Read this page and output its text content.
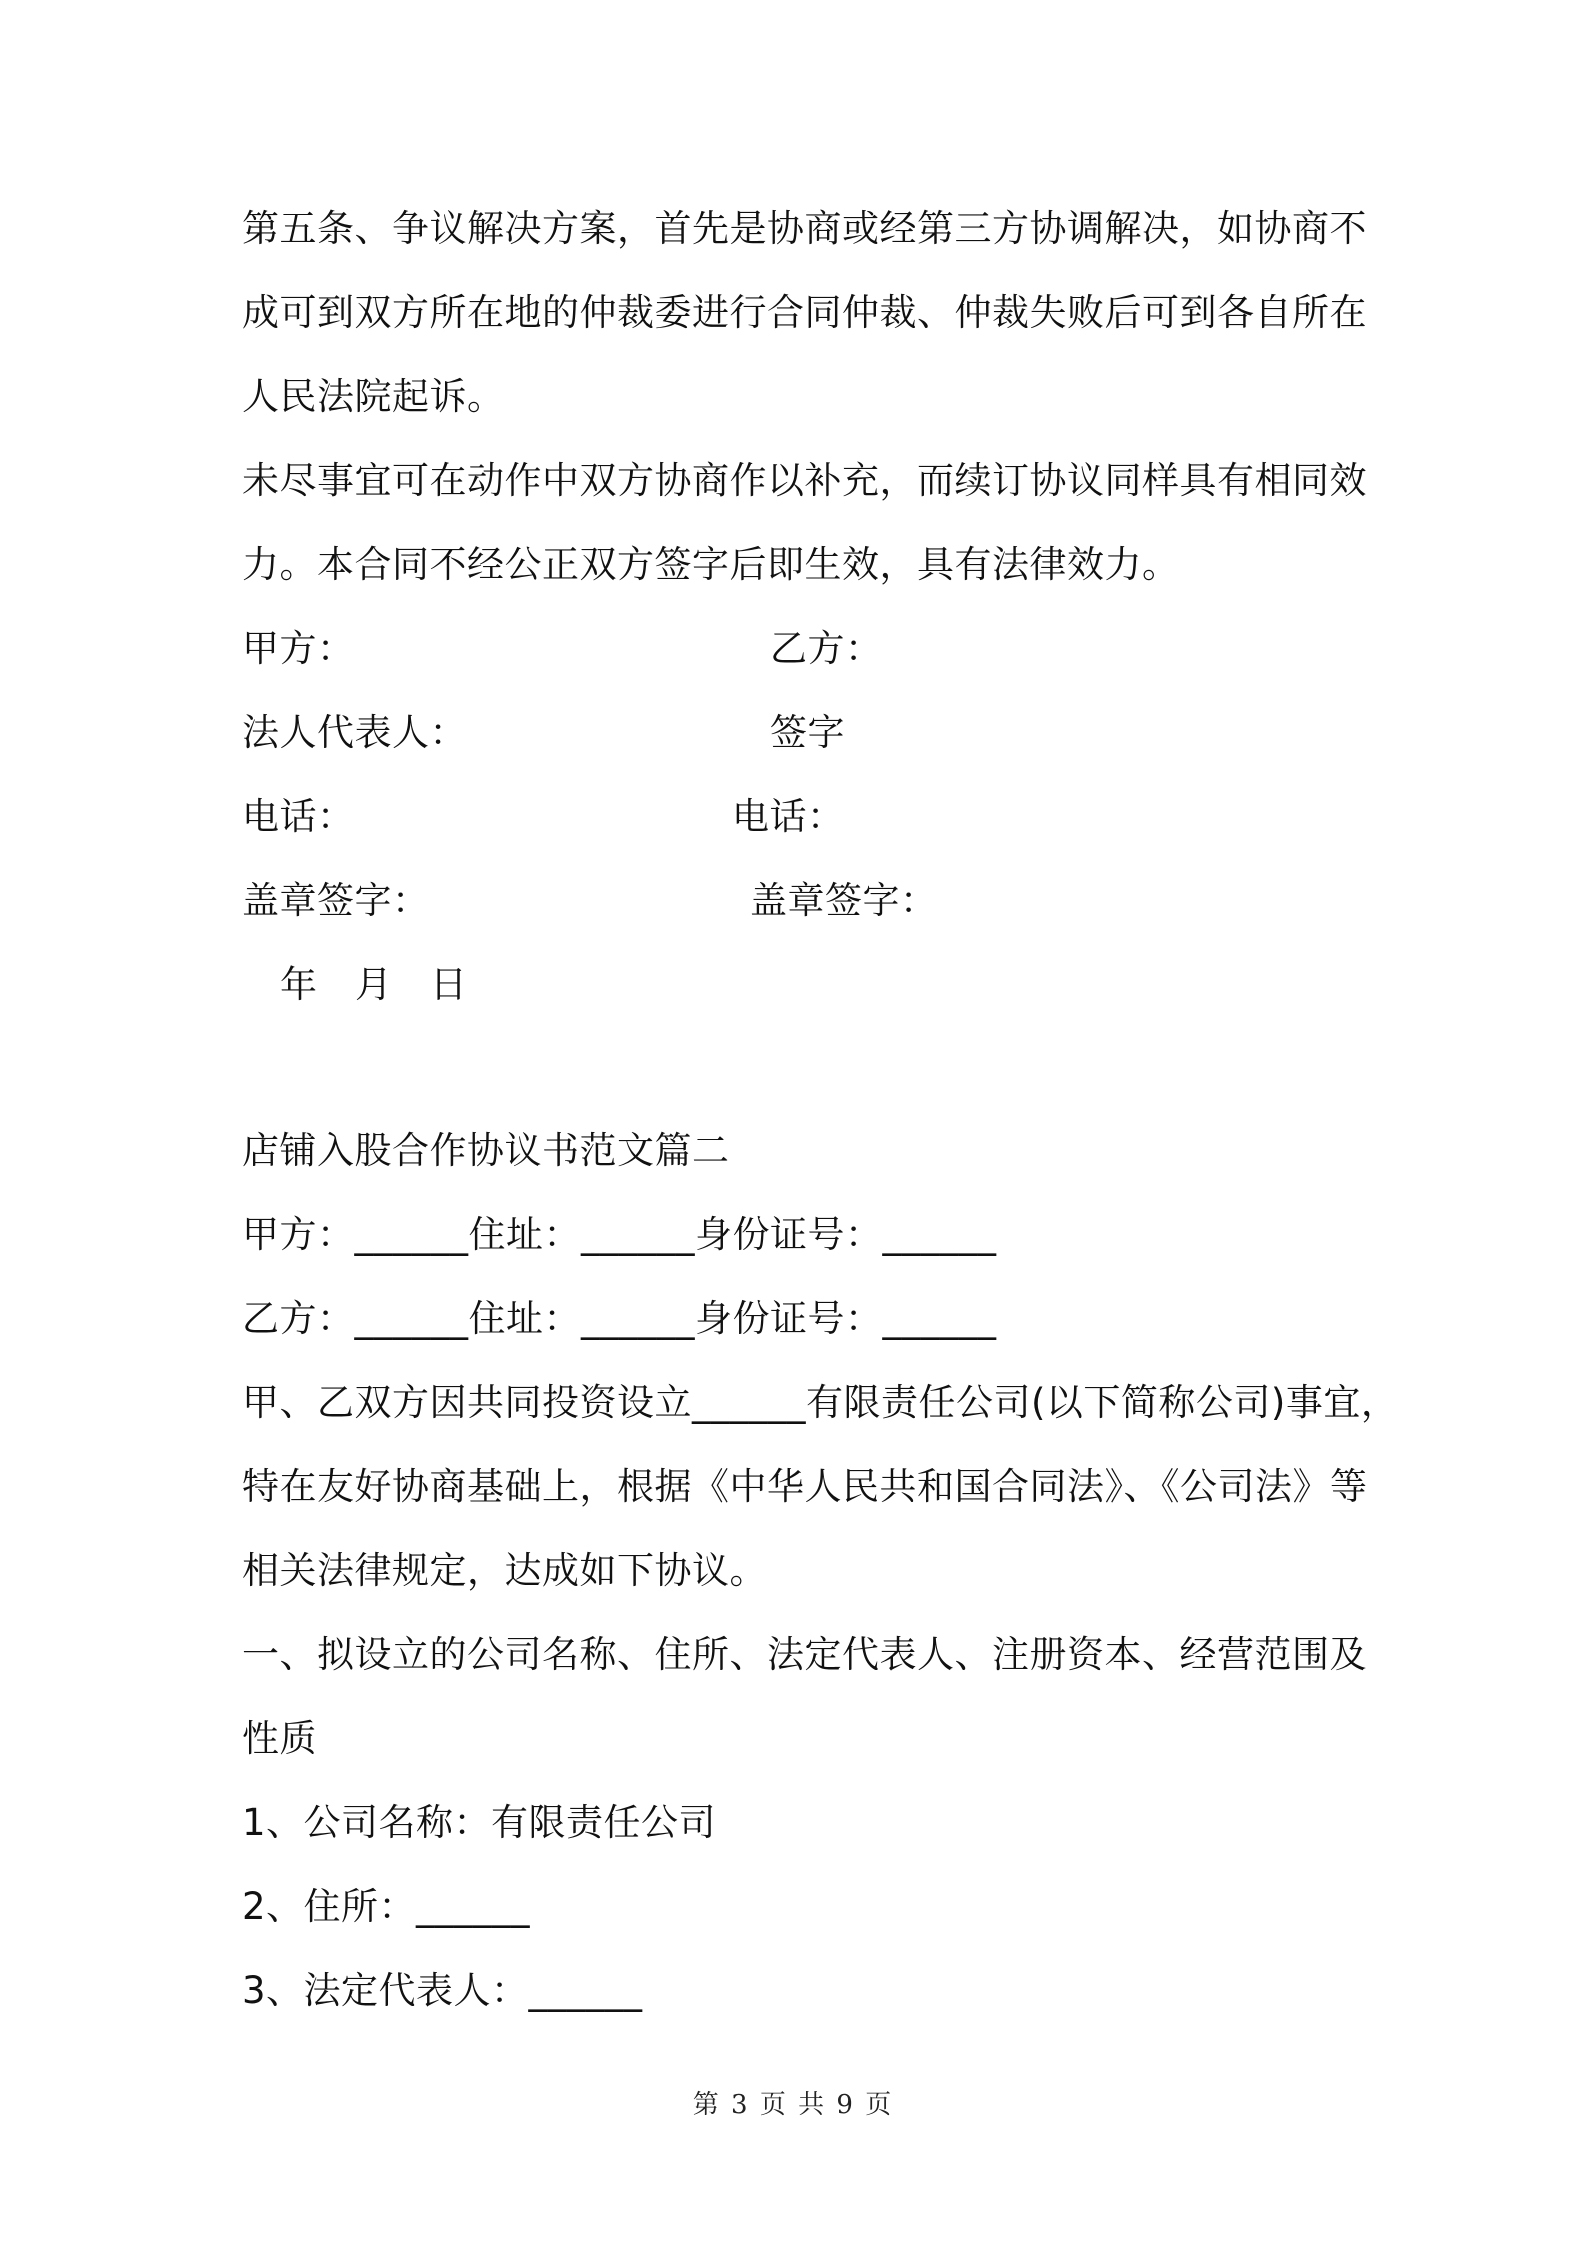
第五条、争议解决方案，首先是协商或经第三方协调解决，如协商不
成可到双方所在地的仲裁委进行合同仲裁、仲裁失败后可到各自所在
人民法院起诉。
未尽事宜可在动作中双方协商作以补充，而续订协议同样具有相同效
力。本合同不经公正双方签字后即生效，具有法律效力。
甲方：	乙方：
法人代表人：	签字
电话：	电话：
盖章签字：	盖章签字：
年　月　日
店铺入股合作协议书范文篇二
甲方：______住址：______身份证号：______
乙方：______住址：______身份证号：______
甲、乙双方因共同投资设立______有限责任公司(以下简称公司)事宜，
特在友好协商基础上，根据《中华人民共和国合同法》、《公司法》等
相关法律规定，达成如下协议。
一、拟设立的公司名称、住所、法定代表人、注册资本、经营范围及
性质
1、公司名称：有限责任公司
2、住所：______
3、法定代表人：______
第 3 页 共 9 页
